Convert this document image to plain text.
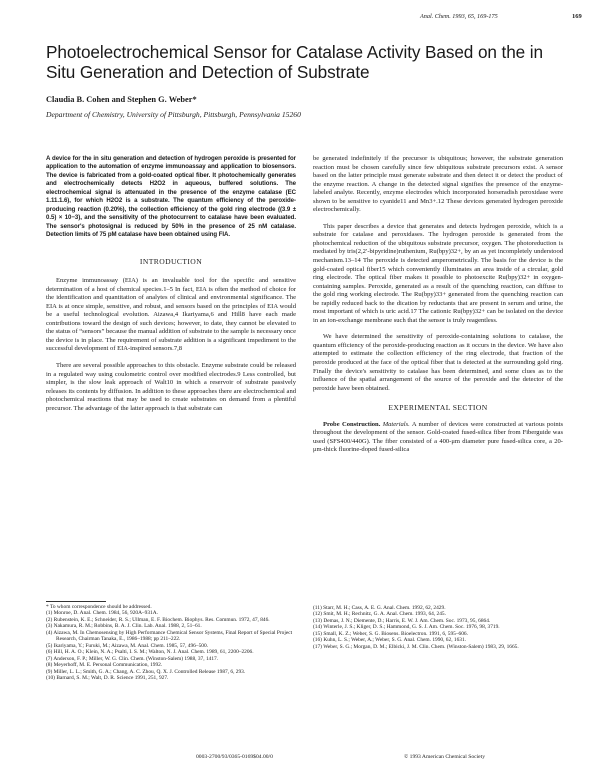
Anal. Chem. 1993, 65, 169-175	169
Photoelectrochemical Sensor for Catalase Activity Based on the in Situ Generation and Detection of Substrate
Claudia B. Cohen and Stephen G. Weber*
Department of Chemistry, University of Pittsburgh, Pittsburgh, Pennsylvania 15260

A device for the in situ generation and detection of hydrogen peroxide is presented for application to the automation of enzyme immunoassay and application to biosensors. The device is fabricated from a gold-coated optical fiber. It photochemically generates and electrochemically detects H2O2 in aqueous, buffered solutions. The electrochemical signal is attenuated in the presence of the enzyme catalase (EC 1.11.1.6), for which H2O2 is a substrate. The quantum efficiency of the peroxide-producing reaction (0.20%), the collection efficiency of the gold ring electrode ((3.9 ± 0.5) × 10−3), and the sensitivity of the photocurrent to catalase have been evaluated. The sensor's photosignal is reduced by 50% in the presence of 25 nM catalase. Detection limits of 75 pM catalase have been obtained using FIA.

INTRODUCTION

Enzyme immunoassay (EIA) is an invaluable tool for the specific and sensitive determination of a host of chemical species.1–5 In fact, EIA is often the method of choice for the identification and quantitation of analytes of clinical and environmental significance. The EIA is at once simple, sensitive, and robust, and sensors based on the principles of EIA would be a useful technological evolution. Aizawa,4 Ikariyama,6 and Hill8 have each made contributions toward the design of such devices; however, to date, they cannot be elevated to the status of “sensors” because the manual addition of substrate to the sample is necessary once the device is in place. The requirement of substrate addition is a significant impediment to the successful development of EIA-inspired sensors.7,8

There are several possible approaches to this obstacle. Enzyme substrate could be released in a regulated way using coulometric control over modified electrodes.9 Less controlled, but simpler, is the slow leak approach of Walt10 in which a reservoir of substrate passively releases its contents by diffusion. In addition to these approaches there are electrochemical and photochemical reactions that may be used to create substrates on demand from a plentiful precursor. The advantage of the latter approach is that substrate can

be generated indefinitely if the precursor is ubiquitous; however, the substrate generation reaction must be chosen carefully since few ubiquitous substrate precursors exist. A sensor based on the latter principle must generate substrate and then detect it or detect the product of the enzyme reaction. A change in the detected signal signifies the presence of the enzyme-labeled analyte. Recently, enzyme electrodes which incorporated horseradish peroxidase were shown to be sensitive to cyanide11 and Mn3+.12 These devices generated hydrogen peroxide electrochemically.

This paper describes a device that generates and detects hydrogen peroxide, which is a substrate for catalase and peroxidases. The hydrogen peroxide is generated from the photochemical reduction of the ubiquitous substrate precursor, oxygen. The photoreduction is mediated by tris(2,2′-bipyridine)ruthenium, Ru(bpy)32+, by an as yet incompletely understood mechanism.13–14 The peroxide is detected amperometrically. The basis for the device is the gold-coated optical fiber15 which conveniently illuminates an area inside of a circular, gold ring electrode. The optical fiber makes it possible to photoexcite Ru(bpy)32+ in oxygen-containing samples. Peroxide, generated as a result of the quenching reaction, can diffuse to the gold ring working electrode. The Ru(bpy)33+ generated from the quenching reaction can be rapidly reduced back to the dication by reductants that are present in serum and urine, the most important of which is uric acid.17 The cationic Ru(bpy)32+ can be isolated on the device in an ion-exchange membrane such that the sensor is truly reagentless.

We have determined the sensitivity of peroxide-containing solutions to catalase, the quantum efficiency of the peroxide-producing reaction as it occurs in the device. We have also attempted to estimate the collection efficiency of the ring electrode, that fraction of the peroxide produced at the face of the optical fiber that is detected at the surrounding gold ring. Finally the device's sensitivity to catalase has been determined, and some clues as to the influence of the spatial arrangement of the source of the peroxide and the detector of the peroxide have been obtained.

EXPERIMENTAL SECTION

Probe Construction. Materials. A number of devices were constructed at various points throughout the development of the sensor. Gold-coated fused-silica fiber from Fiberguide was used (SFS400/440G). The fiber consisted of a 400-μm diameter pure fused-silica core, a 20-μm-thick fluorine-doped fused-silica

* To whom correspondence should be addressed.
(1) Monroe, D. Anal. Chem. 1984, 56, 920A–931A.
(2) Rubenstein, K. E.; Schneider, R. S.; Ullman, E. F. Biochem. Biophys. Res. Commun. 1972, 47, 846.
(3) Nakamura, R. M.; Robbins, B. A. J. Clin. Lab. Anal. 1988, 2, 51–61.
(4) Aizawa, M. In Chemosensing by High Performance Chemical Sensor Systems, Final Report of Special Project Research, Chairman Tanaka, E., 1986–1988; pp 211–222.
(5) Ikariyama, Y.; Furuki, M.; Aizawa, M. Anal. Chem. 1985, 57, 496–500.
(6) Hill, H. A. O.; Klein, N. A.; Psalti, I. S. M.; Walton, N. J. Anal. Chem. 1989, 61, 2200–2206.
(7) Anderson, F. P.; Miller, W. G. Clin. Chem. (Winston-Salem) 1988, 37, 1417.
(8) Meyerhoff, M. E. Personal Communication, 1992.
(9) Miller, L. L.; Smith, G. A.; Chang, A. C. Zhou, Q. X. J. Controlled Release 1987, 6, 293.
(10) Barnard, S. M.; Walt, D. R. Science 1991, 251, 927.
(11) Starr, M. H.; Cass, A. E. G. Anal. Chem. 1992, 62, 2429.
(12) Smit, M. H.; Rechnitz, G. A. Anal. Chem. 1993, 64, 245.
(13) Demas, J. N.; Diemente, D.; Harris, E. W. J. Am. Chem. Soc. 1973, 95, 6864.
(14) Winterle, J. S.; Kliger, D. S.; Hammond, G. S. J. Am. Chem. Soc. 1976, 98, 3719.
(15) Small, K. Z.; Weber, S. G. Biosens. Bioelectron. 1991, 6, 595–606.
(16) Kuhn, L. S.; Weber, A.; Weber, S. G. Anal. Chem. 1990, 62, 1631.
(17) Weber, S. G.; Morgan, D. M.; Elbicki, J. M. Clin. Chem. (Winston-Salem) 1983, 29, 1665.
0003-2700/93/0365-0169$04.00/0	© 1993 American Chemical Society
